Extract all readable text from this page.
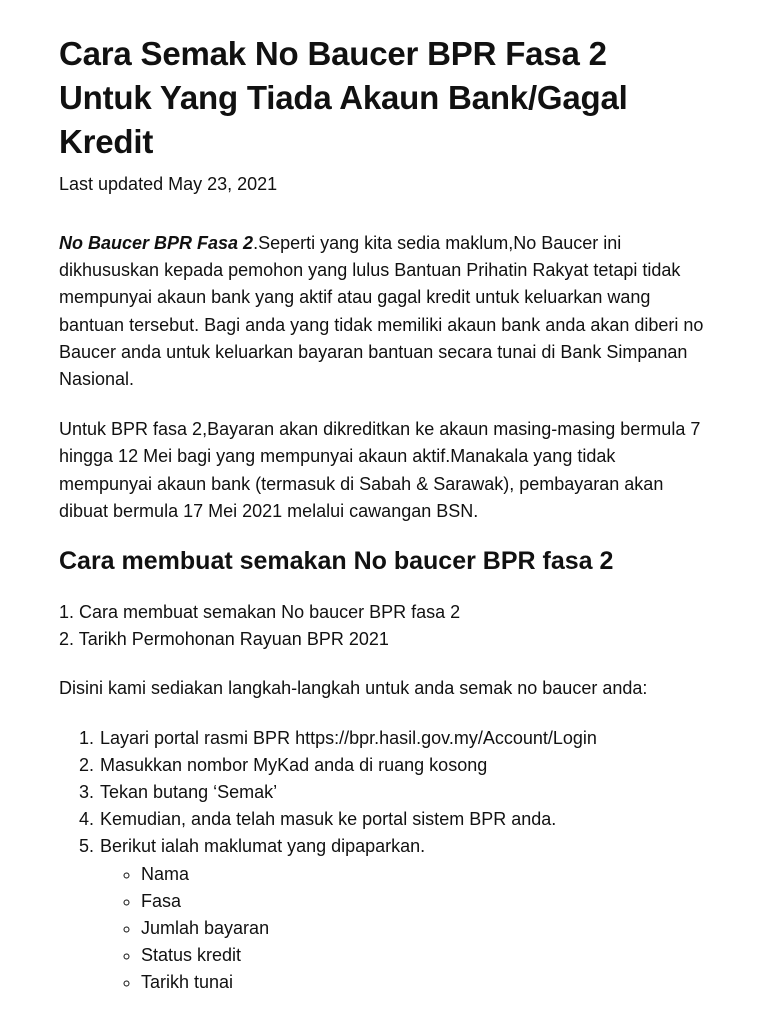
Cara Semak No Baucer BPR Fasa 2 Untuk Yang Tiada Akaun Bank/Gagal Kredit

Last updated May 23, 2021

No Baucer BPR Fasa 2.Seperti yang kita sedia maklum,No Baucer ini dikhususkan kepada pemohon yang lulus Bantuan Prihatin Rakyat tetapi tidak mempunyai akaun bank yang aktif atau gagal kredit untuk keluarkan wang bantuan tersebut. Bagi anda yang tidak memiliki akaun bank anda akan diberi no Baucer anda untuk keluarkan bayaran bantuan secara tunai di Bank Simpanan Nasional.

Untuk BPR fasa 2,Bayaran akan dikreditkan ke akaun masing-masing bermula 7 hingga 12 Mei bagi yang mempunyai akaun aktif.Manakala yang tidak mempunyai akaun bank (termasuk di Sabah & Sarawak), pembayaran akan dibuat bermula 17 Mei 2021 melalui cawangan BSN.

Cara membuat semakan No baucer BPR fasa 2
1. Cara membuat semakan No baucer BPR fasa 2
2. Tarikh Permohonan Rayuan BPR 2021

Disini kami sediakan langkah-langkah untuk anda semak no baucer anda:

1. Layari portal rasmi BPR https://bpr.hasil.gov.my/Account/Login
2. Masukkan nombor MyKad anda di ruang kosong
3. Tekan butang ‘Semak’
4. Kemudian, anda telah masuk ke portal sistem BPR anda.
5. Berikut ialah maklumat yang dipaparkan.
◦ Nama
◦ Fasa
◦ Jumlah bayaran
◦ Status kredit
◦ Tarikh tunai
